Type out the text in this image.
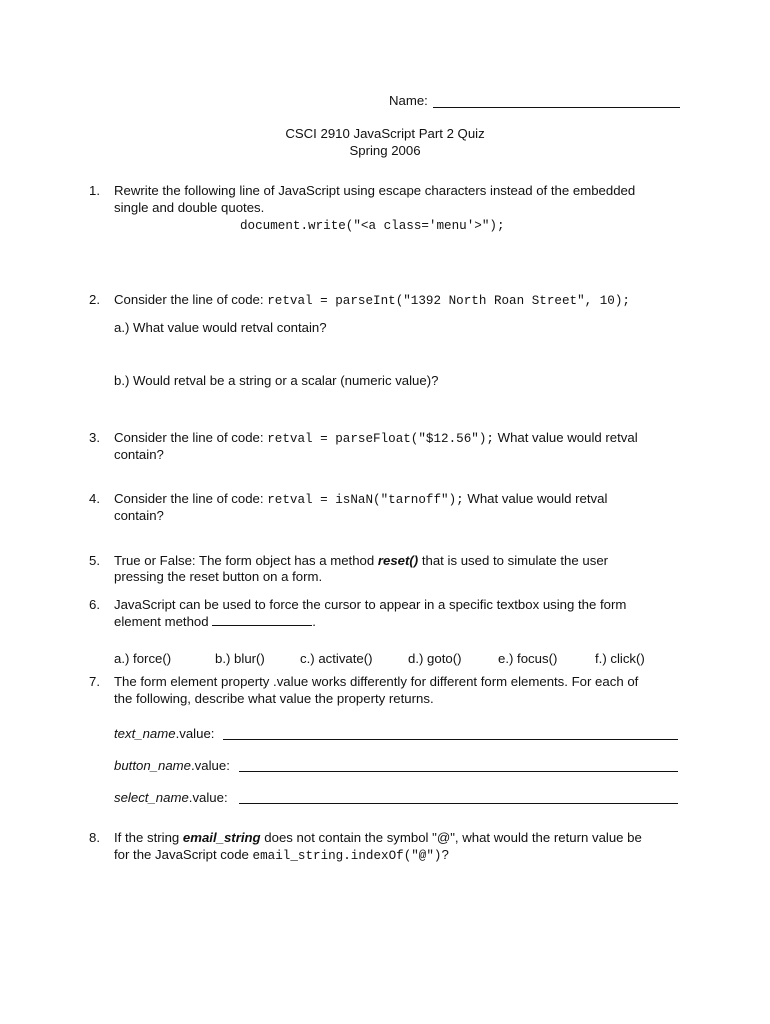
Name:
CSCI 2910 JavaScript Part 2 Quiz
Spring 2006
1. Rewrite the following line of JavaScript using escape characters instead of the embedded
single and double quotes.
document.write("<a class='menu'>");
2. Consider the line of code: retval = parseInt("1392 North Roan Street", 10);
a.) What value would retval contain?
b.) Would retval be a string or a scalar (numeric value)?
3. Consider the line of code: retval = parseFloat("$12.56"); What value would retval
contain?
4. Consider the line of code: retval = isNaN("tarnoff"); What value would retval
contain?
5. True or False: The form object has a method reset() that is used to simulate the user
pressing the reset button on a form.
6. JavaScript can be used to force the cursor to appear in a specific textbox using the form
element method	.
a.) force()	b.) blur()	c.) activate()	d.) goto()	e.) focus()	f.) click()
7. The form element property .value works differently for different form elements. For each of
the following, describe what value the property returns.
text_name.value:
button_name.value:
select_name.value:
8. If the string email_string does not contain the symbol "@", what would the return value be
for the JavaScript code email_string.indexOf("@")?
